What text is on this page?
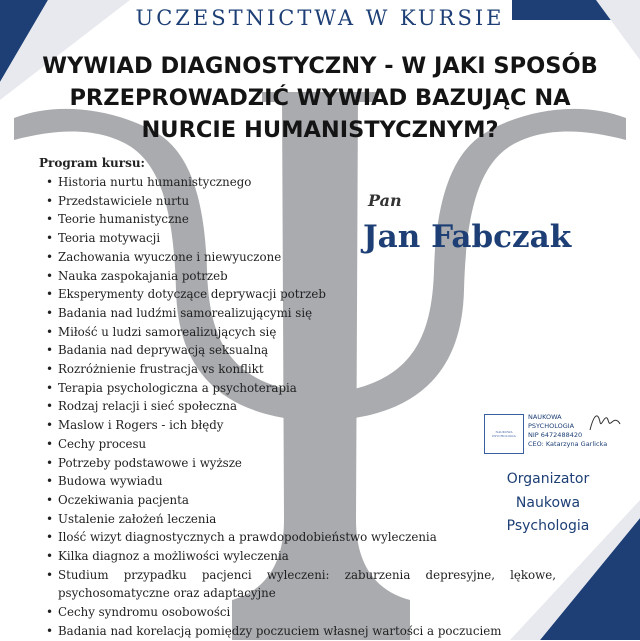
UCZESTNICTWA W KURSIE
WYWIAD DIAGNOSTYCZNY - W JAKI SPOSÓB PRZEPROWADZIĆ WYWIAD BAZUJĄC NA NURCIE HUMANISTYCZNYM?
Program kursu:
• Historia nurtu humanistycznego
• Przedstawiciele nurtu
• Teorie humanistyczne
• Teoria motywacji
• Zachowania wyuczone i niewyuczone
• Nauka zaspokajania potrzeb
• Eksperymenty dotyczące deprywacji potrzeb
• Badania nad ludźmi samorealizującymi się
• Miłość u ludzi samorealizujących się
• Badania nad deprywacją seksualną
• Rozróżnienie frustracja vs konflikt
• Terapia psychologiczna a psychoterapia
• Rodzaj relacji i sieć społeczna
• Maslow i Rogers - ich błędy
• Cechy procesu
• Potrzeby podstawowe i wyższe
• Budowa wywiadu
• Oczekiwania pacjenta
• Ustalenie założeń leczenia
• Ilość wizyt diagnostycznych a prawdopodobieństwo wyleczenia
• Kilka diagnoz a możliwości wyleczenia
• Studium przypadku pacjenci wyleczeni: zaburzenia depresyjne, lękowe, psychosomatyczne oraz adaptacyjne
• Cechy syndromu osobowości
• Badania nad korelacją pomiędzy poczuciem własnej wartości a poczuciem
Pan
Jan Fabczak
NAUKOWA PSYCHOLOGIA
NAUKOWA
PSYCHOLOGIA
NIP 6472488420
CEO: Katarzyna Garlicka
Organizator
Naukowa
Psychologia
